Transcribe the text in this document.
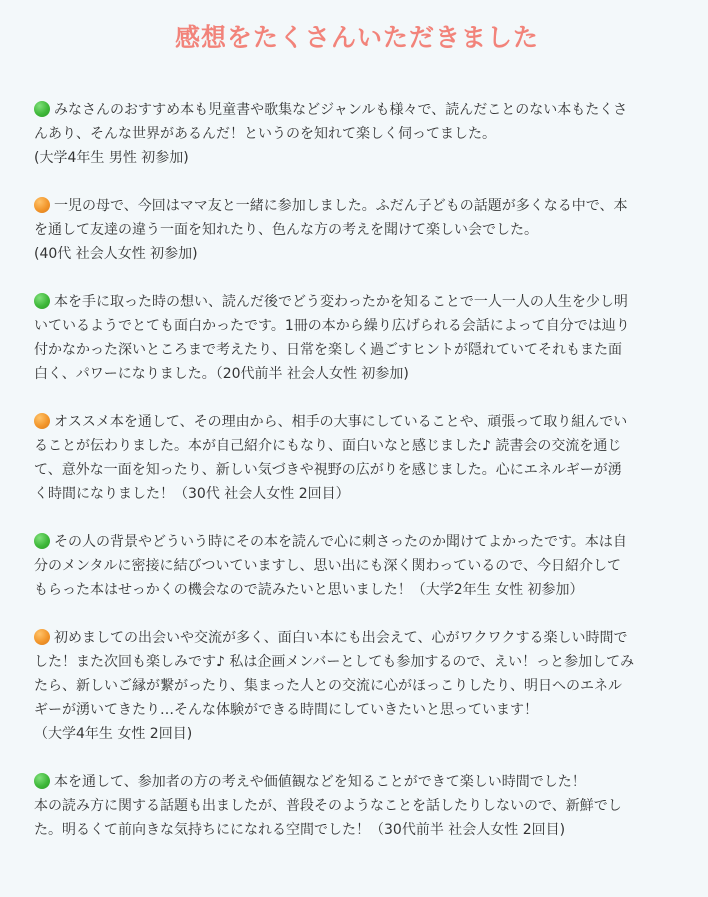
感想をたくさんいただきました
みなさんのおすすめ本も児童書や歌集などジャンルも様々で、読んだことのない本もたくさ
んあり、そんな世界があるんだ！というのを知れて楽しく伺ってました。
(大学4年生 男性 初参加)
一児の母で、今回はママ友と一緒に参加しました。ふだん子どもの話題が多くなる中で、本
を通して友達の違う一面を知れたり、色んな方の考えを聞けて楽しい会でした。
(40代 社会人女性 初参加)
本を手に取った時の想い、読んだ後でどう変わったかを知ることで一人一人の人生を少し明
いているようでとても面白かったです。1冊の本から繰り広げられる会話によって自分では辿り
付かなかった深いところまで考えたり、日常を楽しく過ごすヒントが隠れていてそれもまた面
白く、パワーになりました。（20代前半 社会人女性 初参加)
オススメ本を通して、その理由から、相手の大事にしていることや、頑張って取り組んでい
ることが伝わりました。本が自己紹介にもなり、面白いなと感じました♪ 読書会の交流を通じ
て、意外な一面を知ったり、新しい気づきや視野の広がりを感じました。心にエネルギーが湧
く時間になりました！（30代 社会人女性 2回目）
その人の背景やどういう時にその本を読んで心に刺さったのか聞けてよかったです。本は自
分のメンタルに密接に結びついていますし、思い出にも深く関わっているので、今日紹介して
もらった本はせっかくの機会なので読みたいと思いました！（大学2年生 女性 初参加）
初めましての出会いや交流が多く、面白い本にも出会えて、心がワクワクする楽しい時間で
した！また次回も楽しみです♪ 私は企画メンバーとしても参加するので、えい！っと参加してみ
たら、新しいご縁が繋がったり、集まった人との交流に心がほっこりしたり、明日へのエネル
ギーが湧いてきたり…そんな体験ができる時間にしていきたいと思っています！
（大学4年生 女性 2回目)
本を通して、参加者の方の考えや価値観などを知ることができて楽しい時間でした！
本の読み方に関する話題も出ましたが、普段そのようなことを話したりしないので、新鮮でし
た。明るくて前向きな気持ちにになれる空間でした！（30代前半 社会人女性 2回目)
